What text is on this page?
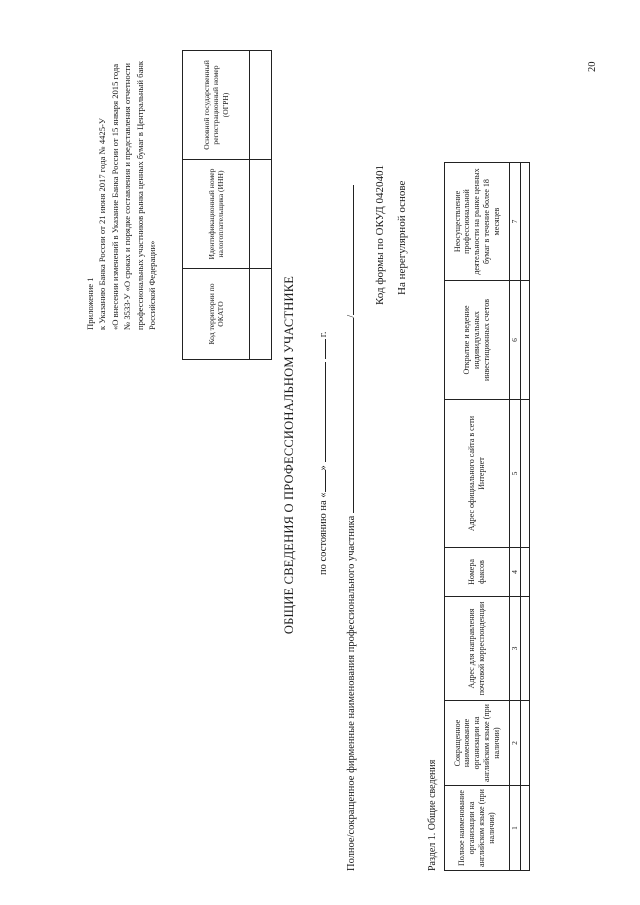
20
Приложение 1 к Указанию Банка России от 21 июня 2017 года № 4425-У «О внесении изменений в Указание Банка России от 15 января 2015 года № 3533-У «О сроках и порядке составления и представления отчетности профессиональных участников рынка ценных бумаг в Центральный банк Российской Федерации»	Код территории по ОКАТО	Идентификационный номер налогоплательщика (ИНН)	Основной государственный регистрационный номер (ОГРН)

ОБЩИЕ СВЕДЕНИЯ О ПРОФЕССИОНАЛЬНОМ УЧАСТНИКЕ	по состоянию на «»г.
Полное/сокращенное фирменные наименования профессионального участника/
Код формы по ОКУД 0420401 На нерегулярной основе
Раздел 1. Общие сведения Полное наименование организации на английском языке (при наличии)	Сокращенное наименование организации на английском языке (при наличии)	Адрес для направления почтовой корреспонденции	Номера факсов	Адрес официального сайта в сети Интернет	Открытие и ведение индивидуальных инвестиционных счетов	Неосуществление профессиональной деятельности на рынке ценных бумаг в течение более 18 месяцев
1	2	3	4	5	6	7
